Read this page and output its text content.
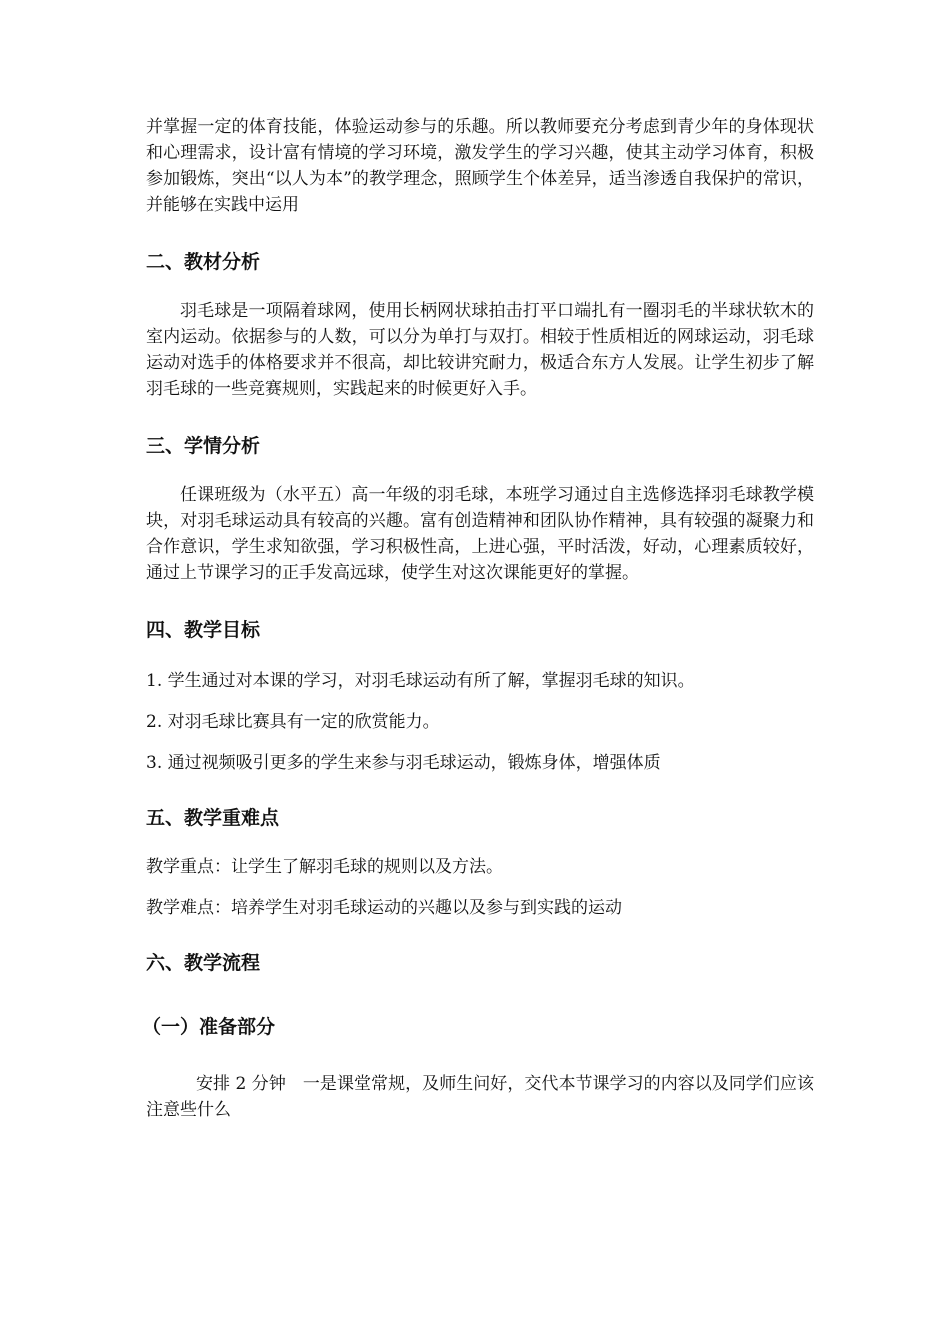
并掌握一定的体育技能，体验运动参与的乐趣。所以教师要充分考虑到青少年的身体现状和心理需求，设计富有情境的学习环境，激发学生的学习兴趣，使其主动学习体育，积极参加锻炼，突出“以人为本”的教学理念，照顾学生个体差异，适当渗透自我保护的常识，并能够在实践中运用

二、教材分析

羽毛球是一项隔着球网，使用长柄网状球拍击打平口端扎有一圈羽毛的半球状软木的室内运动。依据参与的人数，可以分为单打与双打。相较于性质相近的网球运动，羽毛球运动对选手的体格要求并不很高，却比较讲究耐力，极适合东方人发展。让学生初步了解羽毛球的一些竞赛规则，实践起来的时候更好入手。

三、学情分析

任课班级为（水平五）高一年级的羽毛球，本班学习通过自主选修选择羽毛球教学模块，对羽毛球运动具有较高的兴趣。富有创造精神和团队协作精神，具有较强的凝聚力和合作意识，学生求知欲强，学习积极性高，上进心强，平时活泼，好动，心理素质较好，通过上节课学习的正手发高远球，使学生对这次课能更好的掌握。

四、教学目标

1. 学生通过对本课的学习，对羽毛球运动有所了解，掌握羽毛球的知识。

2. 对羽毛球比赛具有一定的欣赏能力。

3. 通过视频吸引更多的学生来参与羽毛球运动，锻炼身体，增强体质

五、教学重难点

教学重点：让学生了解羽毛球的规则以及方法。

教学难点：培养学生对羽毛球运动的兴趣以及参与到实践的运动

六、教学流程
（一）准备部分

安排 2 分钟　一是课堂常规，及师生问好，交代本节课学习的内容以及同学们应该注意些什么
